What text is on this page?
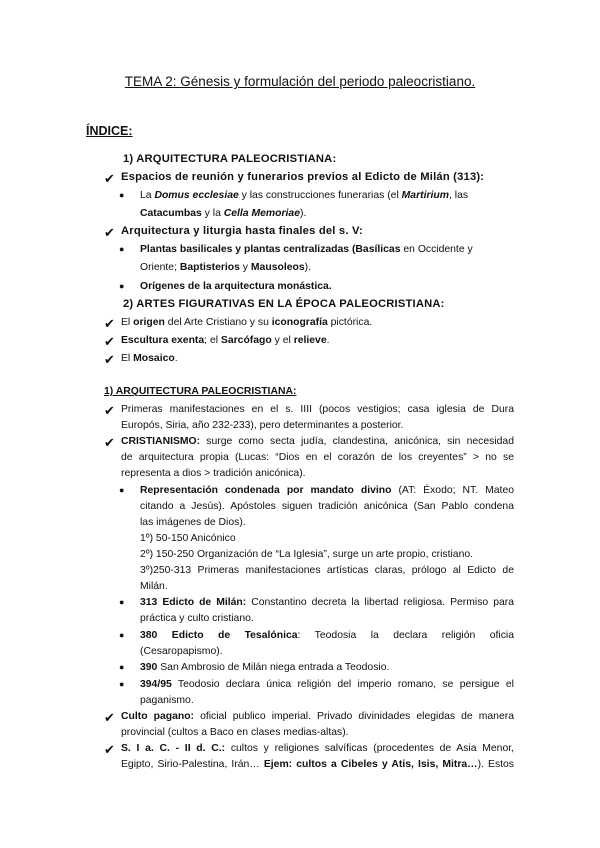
TEMA 2: Génesis y formulación del periodo paleocristiano.
ÍNDICE:
1) ARQUITECTURA PALEOCRISTIANA:
✔ Espacios de reunión y funerarios previos al Edicto de Milán (313):
● La Domus ecclesiae y las construcciones funerarias (el Martirium, las
Catacumbas y la Cella Memoriae).
✔ Arquitectura y liturgia hasta finales del s. V:
● Plantas basilicales y plantas centralizadas (Basílicas en Occidente y
Oriente; Baptisterios y Mausoleos).
● Orígenes de la arquitectura monástica.
2) ARTES FIGURATIVAS EN LA ÉPOCA PALEOCRISTIANA:
✔ El origen del Arte Cristiano y su iconografía pictórica.
✔ Escultura exenta; el Sarcófago y el relieve.
✔ El Mosaico.
1) ARQUITECTURA PALEOCRISTIANA:
✔ Primeras manifestaciones en el s. IIII (pocos vestigios; casa iglesia de Dura
Europós, Siria, año 232-233), pero determinantes a posterior.
✔ CRISTIANISMO: surge como secta judía, clandestina, anicónica, sin necesidad
de arquitectura propia (Lucas: “Dios en el corazón de los creyentes” > no se
representa a dios > tradición anicónica).
● Representación condenada por mandato divino (AT: Éxodo; NT. Mateo
citando a Jesús). Apóstoles siguen tradición anicónica (San Pablo condena
las imágenes de Dios).
1º) 50-150 Anicónico
2º) 150-250 Organización de “La Iglesia”, surge un arte propio, cristiano.
3º)250-313 Primeras manifestaciones artísticas claras, prólogo al Edicto de
Milán.
● 313 Edicto de Milán: Constantino decreta la libertad religiosa. Permiso para
práctica y culto cristiano.
● 380 Edicto de Tesalónica: Teodosia la declara religión oficia
(Cesaropapismo).
● 390 San Ambrosio de Milán niega entrada a Teodosio.
● 394/95 Teodosio declara única religión del imperio romano, se persigue el
paganismo.
✔ Culto pagano: oficial publico imperial. Privado divinidades elegidas de manera
provincial (cultos a Baco en clases medias-altas).
✔ S. I a. C. - II d. C.: cultos y religiones salvíficas (procedentes de Asia Menor,
Egipto, Sirio-Palestina, Irán… Ejem: cultos a Cibeles y Atis, Isis, Mitra…). Estos
